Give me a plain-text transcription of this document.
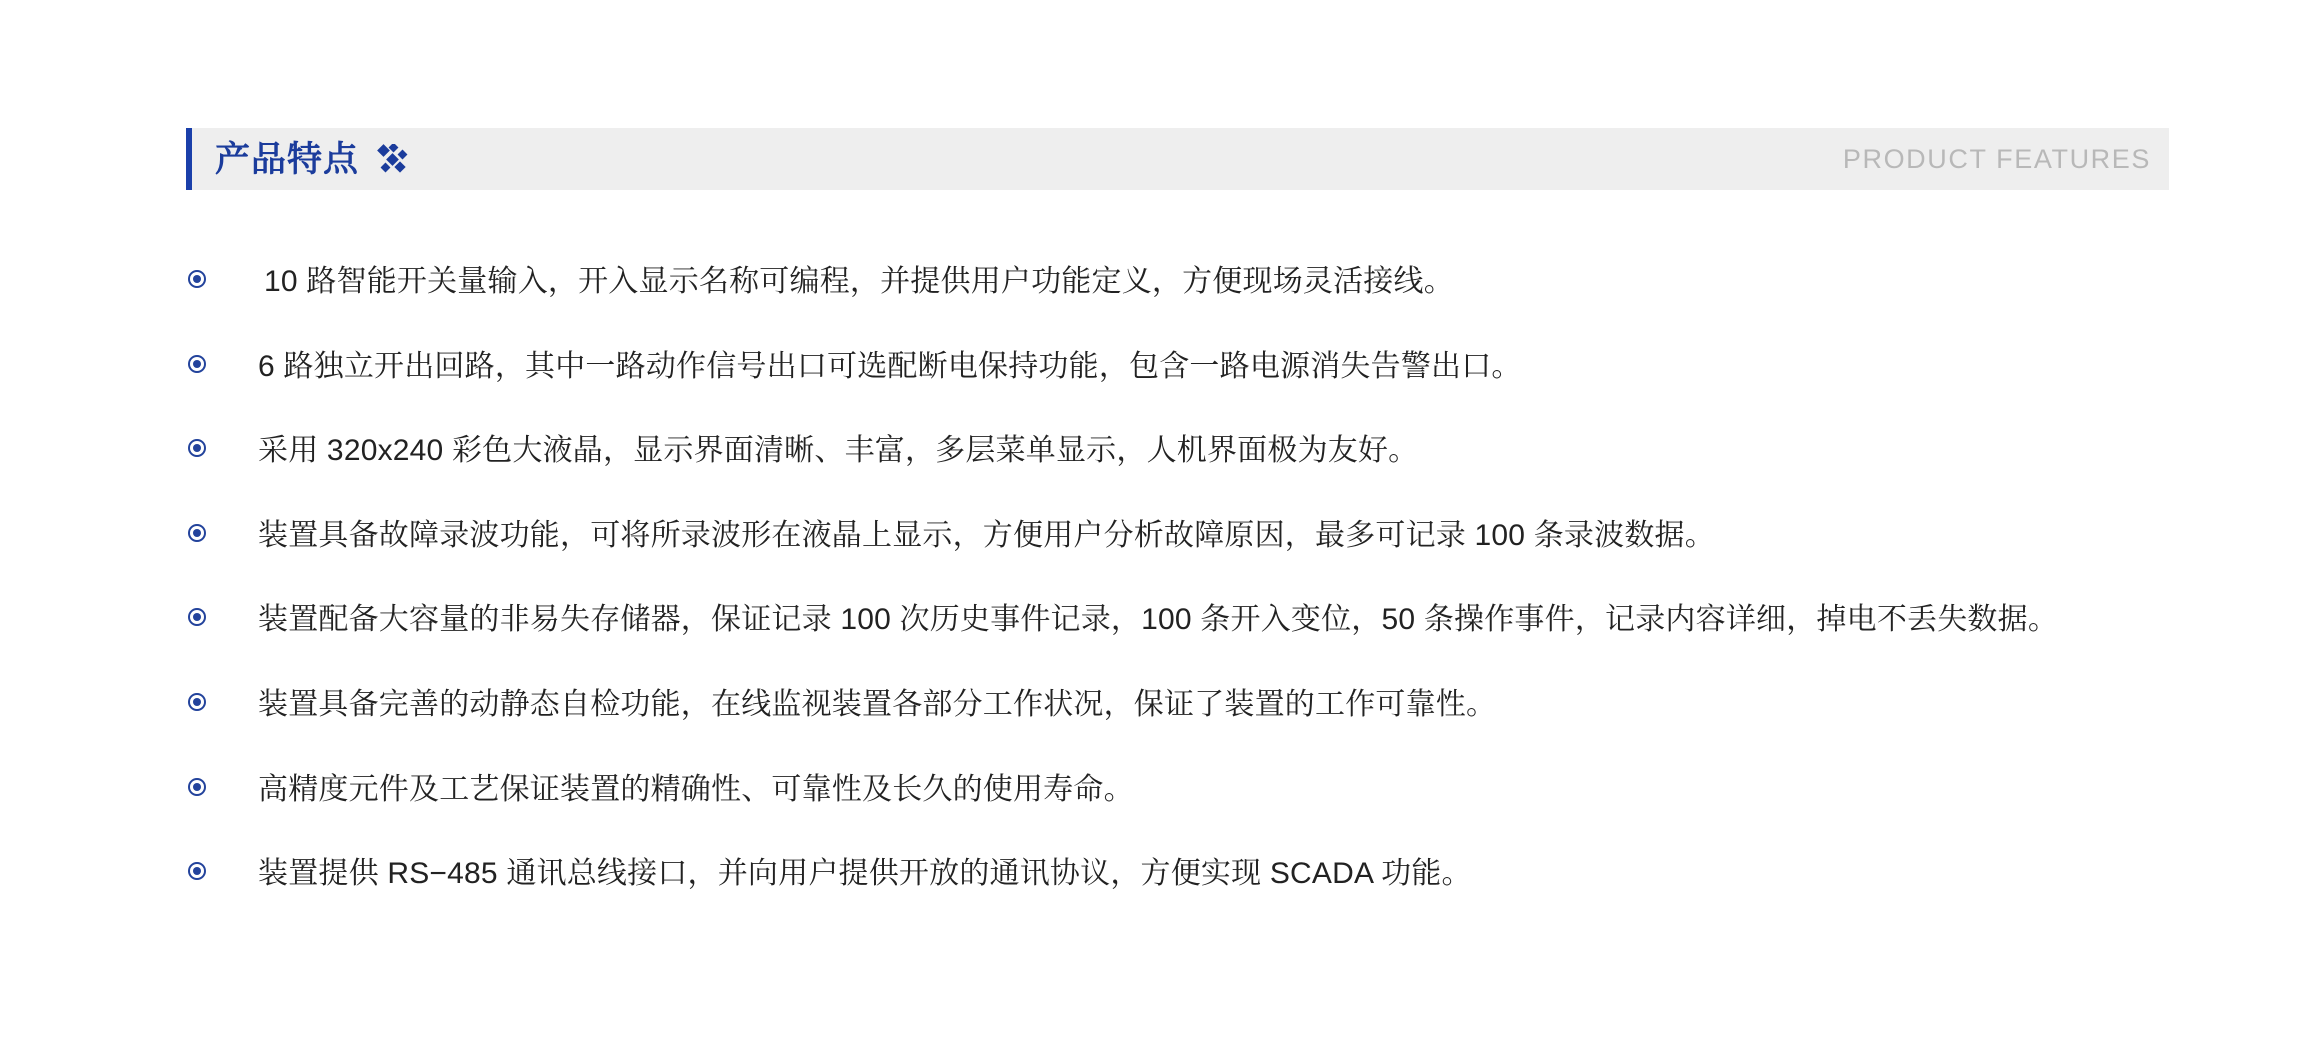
产品特点	PRODUCT FEATURES
10 路智能开关量输入，开入显示名称可编程，并提供用户功能定义，方便现场灵活接线。
6 路独立开出回路，其中一路动作信号出口可选配断电保持功能，包含一路电源消失告警出口。
采用 320x240 彩色大液晶，显示界面清晰、丰富，多层菜单显示，人机界面极为友好。
装置具备故障录波功能，可将所录波形在液晶上显示，方便用户分析故障原因，最多可记录 100 条录波数据。
装置配备大容量的非易失存储器，保证记录 100 次历史事件记录，100 条开入变位，50 条操作事件，记录内容详细，掉电不丢失数据。
装置具备完善的动静态自检功能，在线监视装置各部分工作状况，保证了装置的工作可靠性。
高精度元件及工艺保证装置的精确性、可靠性及长久的使用寿命。
装置提供 RS−485 通讯总线接口，并向用户提供开放的通讯协议，方便实现 SCADA 功能。
